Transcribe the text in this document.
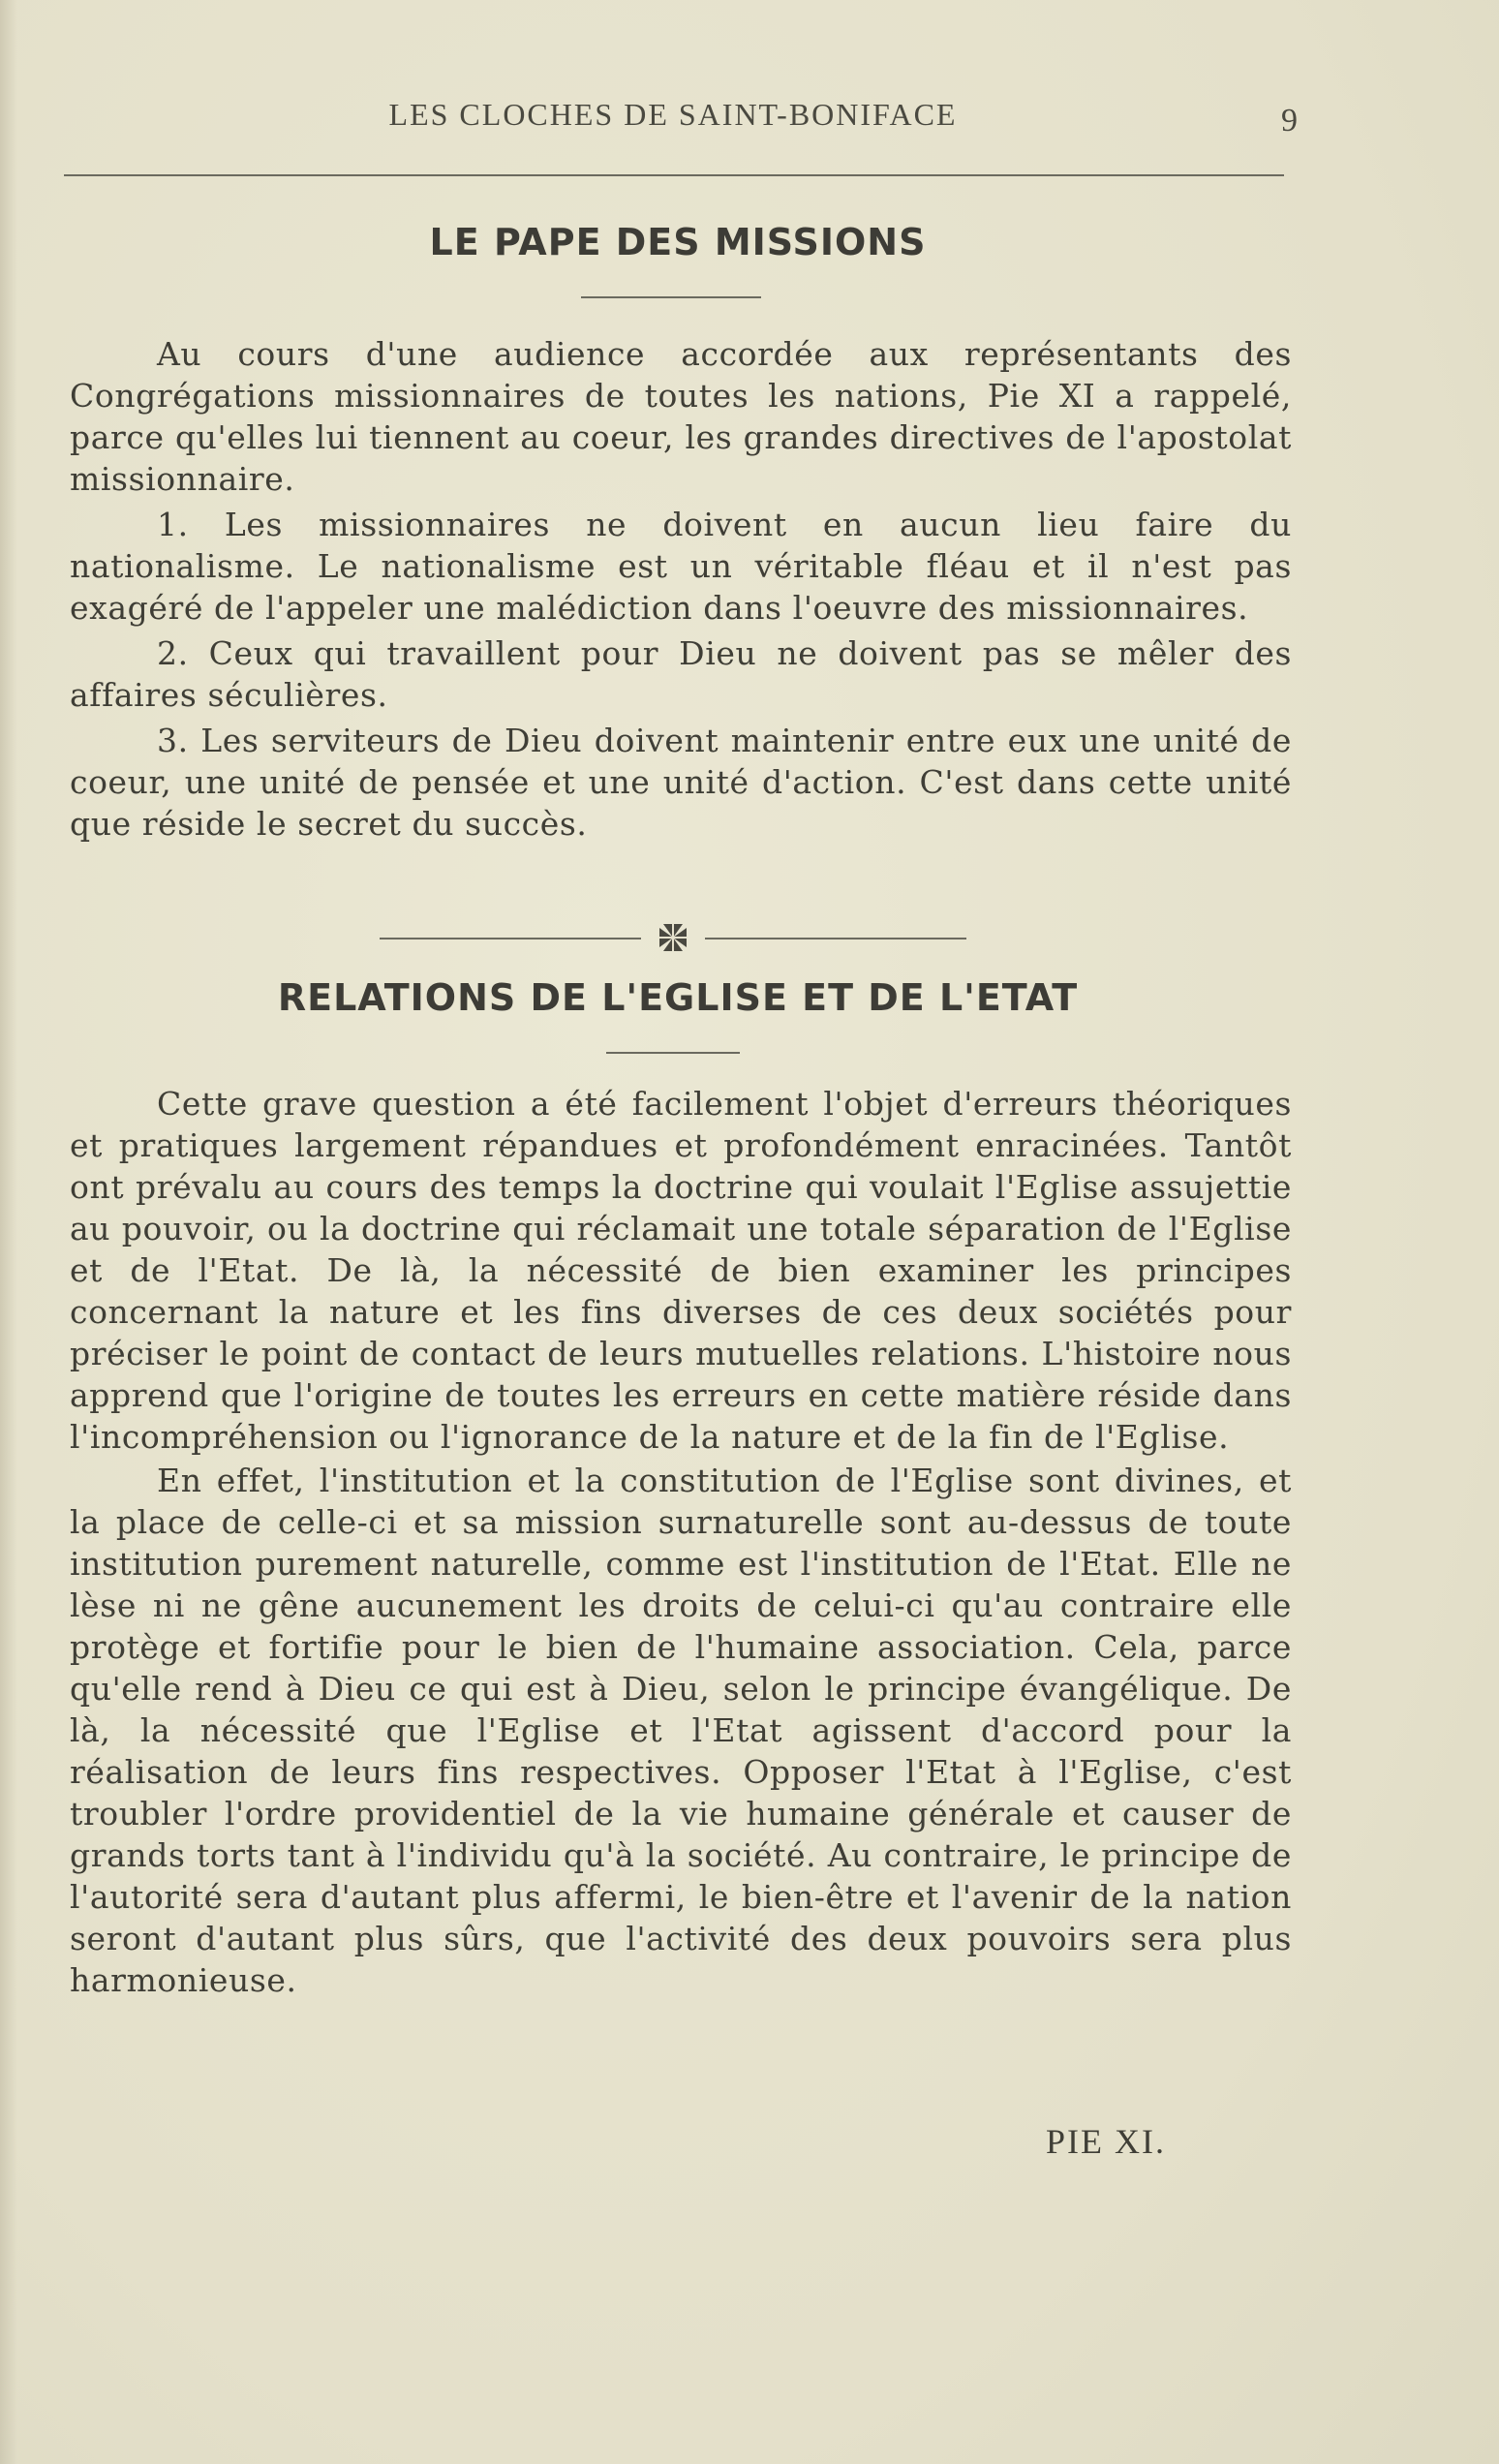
LES CLOCHES DE SAINT-BONIFACE	9
LE PAPE DES MISSIONS

Au cours d'une audience accordée aux représentants des Congrégations missionnaires de toutes les nations, Pie XI a rappelé, parce qu'elles lui tiennent au coeur, les grandes directives de l'apostolat missionnaire.

1. Les missionnaires ne doivent en aucun lieu faire du nationalisme. Le nationalisme est un véritable fléau et il n'est pas exagéré de l'appeler une malédiction dans l'oeuvre des missionnaires.

2. Ceux qui travaillent pour Dieu ne doivent pas se mêler des affaires séculières.

3. Les serviteurs de Dieu doivent maintenir entre eux une unité de coeur, une unité de pensée et une unité d'action. C'est dans cette unité que réside le secret du succès.

RELATIONS DE L'EGLISE ET DE L'ETAT

Cette grave question a été facilement l'objet d'erreurs théoriques et pratiques largement répandues et profondément enracinées. Tantôt ont prévalu au cours des temps la doctrine qui voulait l'Eglise assujettie au pouvoir, ou la doctrine qui réclamait une totale séparation de l'Eglise et de l'Etat. De là, la nécessité de bien examiner les principes concernant la nature et les fins diverses de ces deux sociétés pour préciser le point de contact de leurs mutuelles relations. L'histoire nous apprend que l'origine de toutes les erreurs en cette matière réside dans l'incompréhension ou l'ignorance de la nature et de la fin de l'Eglise.

En effet, l'institution et la constitution de l'Eglise sont divines, et la place de celle-ci et sa mission surnaturelle sont au-dessus de toute institution purement naturelle, comme est l'institution de l'Etat. Elle ne lèse ni ne gêne aucunement les droits de celui-ci qu'au contraire elle protège et fortifie pour le bien de l'humaine association. Cela, parce qu'elle rend à Dieu ce qui est à Dieu, selon le principe évangélique. De là, la nécessité que l'Eglise et l'Etat agissent d'accord pour la réalisation de leurs fins respectives. Opposer l'Etat à l'Eglise, c'est troubler l'ordre providentiel de la vie humaine générale et causer de grands torts tant à l'individu qu'à la société. Au contraire, le principe de l'autorité sera d'autant plus affermi, le bien-être et l'avenir de la nation seront d'autant plus sûrs, que l'activité des deux pouvoirs sera plus harmonieuse.

PIE XI.
